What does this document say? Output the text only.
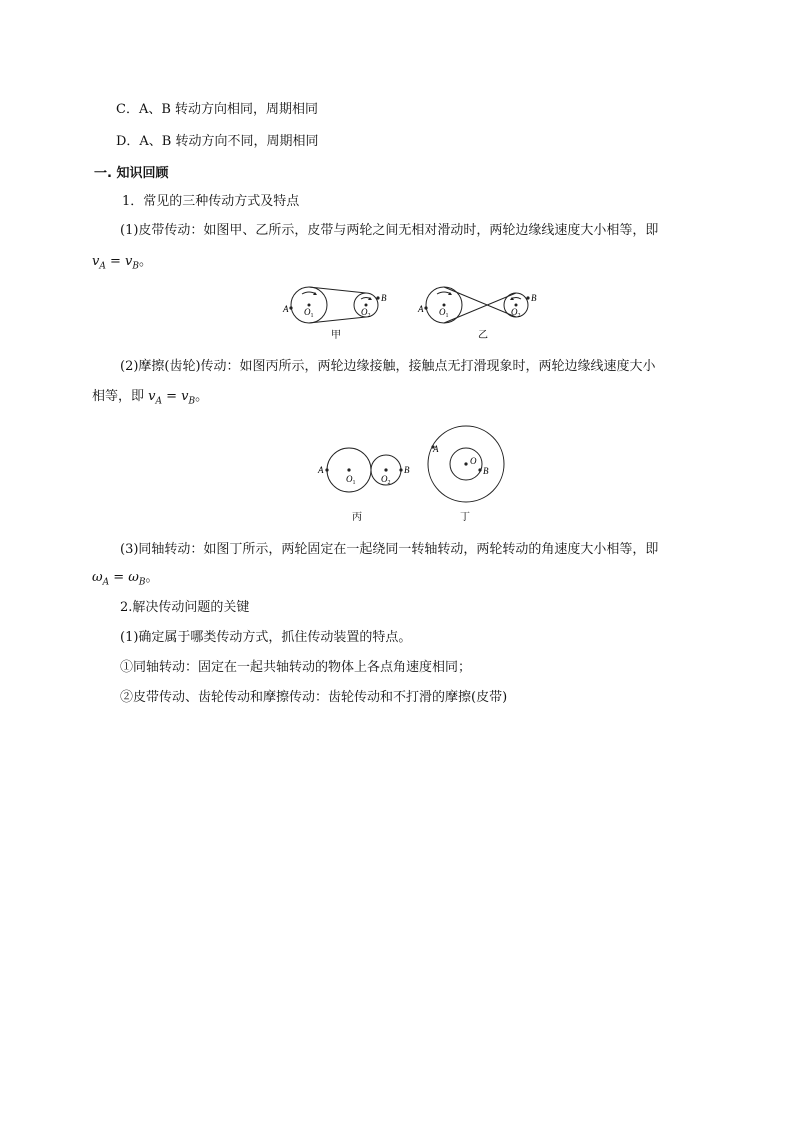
C．A、B 转动方向相同，周期相同
D．A、B 转动方向不同，周期相同
一. 知识回顾
1．常见的三种传动方式及特点
(1)皮带传动：如图甲、乙所示，皮带与两轮之间无相对滑动时，两轮边缘线速度大小相等，即
$v_A = v_B$。
A
B
$O_1$	$O_2$
甲
A
B
$O_1$	$O_2$
乙
(2)摩擦(齿轮)传动：如图丙所示，两轮边缘接触，接触点无打滑现象时，两轮边缘线速度大小
相等，即 $v_A = v_B$。
A	B
$O_1$	$O_2$
丙
A
B
O
丁
(3)同轴转动：如图丁所示，两轮固定在一起绕同一转轴转动，两轮转动的角速度大小相等，即
$\omega_A = \omega_B$。
2.解决传动问题的关键
(1)确定属于哪类传动方式，抓住传动装置的特点。
①同轴转动：固定在一起共轴转动的物体上各点角速度相同；
②皮带传动、齿轮传动和摩擦传动：齿轮传动和不打滑的摩擦(皮带)
